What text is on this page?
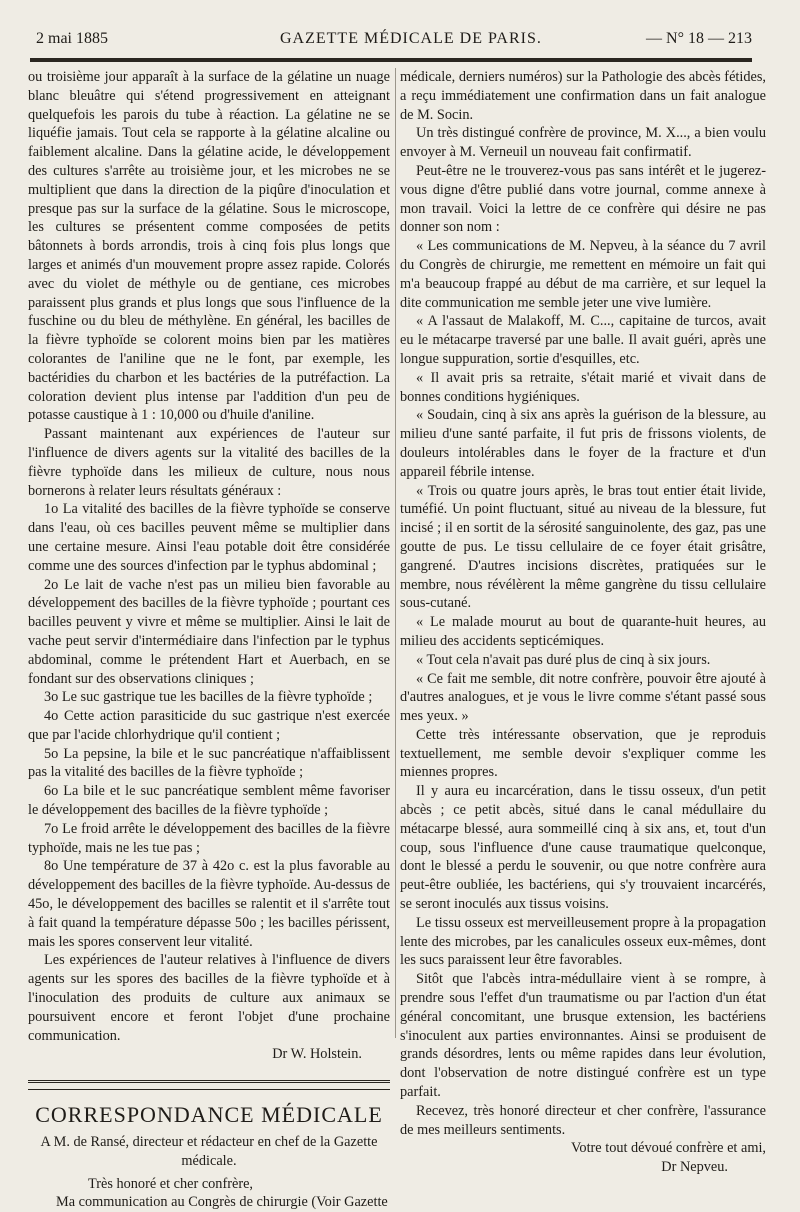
2 mai 1885	GAZETTE MÉDICALE DE PARIS.	— N° 18 — 213

ou troisième jour apparaît à la surface de la gélatine un nuage blanc bleuâtre qui s'étend progressivement en atteignant quelquefois les parois du tube à réaction. La gélatine ne se liquéfie jamais. Tout cela se rapporte à la gélatine alcaline ou faiblement alcaline. Dans la gélatine acide, le développement des cultures s'arrête au troisième jour, et les microbes ne se multiplient que dans la direction de la piqûre d'inoculation et presque pas sur la surface de la gélatine. Sous le microscope, les cultures se présentent comme composées de petits bâtonnets à bords arrondis, trois à cinq fois plus longs que larges et animés d'un mouvement propre assez rapide. Colorés avec du violet de méthyle ou de gentiane, ces microbes paraissent plus grands et plus longs que sous l'influence de la fuschine ou du bleu de méthylène. En général, les bacilles de la fièvre typhoïde se colorent moins bien par les matières colorantes de l'aniline que ne le font, par exemple, les bactéridies du charbon et les bactéries de la putréfaction. La coloration devient plus intense par l'addition d'un peu de potasse caustique à 1 : 10,000 ou d'huile d'aniline.

Passant maintenant aux expériences de l'auteur sur l'influence de divers agents sur la vitalité des bacilles de la fièvre typhoïde dans les milieux de culture, nous nous bornerons à relater leurs résultats généraux :

1o La vitalité des bacilles de la fièvre typhoïde se conserve dans l'eau, où ces bacilles peuvent même se multiplier dans une certaine mesure. Ainsi l'eau potable doit être considérée comme une des sources d'infection par le typhus abdominal ;

2o Le lait de vache n'est pas un milieu bien favorable au développement des bacilles de la fièvre typhoïde ; pourtant ces bacilles peuvent y vivre et même se multiplier. Ainsi le lait de vache peut servir d'intermédiaire dans l'infection par le typhus abdominal, comme le prétendent Hart et Auerbach, en se fondant sur des observations cliniques ;

3o Le suc gastrique tue les bacilles de la fièvre typhoïde ;

4o Cette action parasiticide du suc gastrique n'est exercée que par l'acide chlorhydrique qu'il contient ;

5o La pepsine, la bile et le suc pancréatique n'affaiblissent pas la vitalité des bacilles de la fièvre typhoïde ;

6o La bile et le suc pancréatique semblent même favoriser le développement des bacilles de la fièvre typhoïde ;

7o Le froid arrête le développement des bacilles de la fièvre typhoïde, mais ne les tue pas ;

8o Une température de 37 à 42o c. est la plus favorable au développement des bacilles de la fièvre typhoïde. Au-dessus de 45o, le développement des bacilles se ralentit et il s'arrête tout à fait quand la température dépasse 50o ; les bacilles périssent, mais les spores conservent leur vitalité.

Les expériences de l'auteur relatives à l'influence de divers agents sur les spores des bacilles de la fièvre typhoïde et à l'inoculation des produits de culture aux animaux se poursuivent encore et feront l'objet d'une prochaine communication.

Dr W. Holstein.

CORRESPONDANCE MÉDICALE

A M. de Ransé, directeur et rédacteur en chef de la Gazette médicale.

Très honoré et cher confrère,

Ma communication au Congrès de chirurgie (Voir Gazette

médicale, derniers numéros) sur la Pathologie des abcès fétides, a reçu immédiatement une confirmation dans un fait analogue de M. Socin.

Un très distingué confrère de province, M. X..., a bien voulu envoyer à M. Verneuil un nouveau fait confirmatif.

Peut-être ne le trouverez-vous pas sans intérêt et le jugerez-vous digne d'être publié dans votre journal, comme annexe à mon travail. Voici la lettre de ce confrère qui désire ne pas donner son nom :

« Les communications de M. Nepveu, à la séance du 7 avril du Congrès de chirurgie, me remettent en mémoire un fait qui m'a beaucoup frappé au début de ma carrière, et sur lequel la dite communication me semble jeter une vive lumière.

« A l'assaut de Malakoff, M. C..., capitaine de turcos, avait eu le métacarpe traversé par une balle. Il avait guéri, après une longue suppuration, sortie d'esquilles, etc.

« Il avait pris sa retraite, s'était marié et vivait dans de bonnes conditions hygiéniques.

« Soudain, cinq à six ans après la guérison de la blessure, au milieu d'une santé parfaite, il fut pris de frissons violents, de douleurs intolérables dans le foyer de la fracture et d'un appareil fébrile intense.

« Trois ou quatre jours après, le bras tout entier était livide, tuméfié. Un point fluctuant, situé au niveau de la blessure, fut incisé ; il en sortit de la sérosité sanguinolente, des gaz, pas une goutte de pus. Le tissu cellulaire de ce foyer était grisâtre, gangrené. D'autres incisions discrètes, pratiquées sur le membre, nous révélèrent la même gangrène du tissu cellulaire sous-cutané.

« Le malade mourut au bout de quarante-huit heures, au milieu des accidents septicémiques.

« Tout cela n'avait pas duré plus de cinq à six jours.

« Ce fait me semble, dit notre confrère, pouvoir être ajouté à d'autres analogues, et je vous le livre comme s'étant passé sous mes yeux. »

Cette très intéressante observation, que je reproduis textuellement, me semble devoir s'expliquer comme les miennes propres.

Il y aura eu incarcération, dans le tissu osseux, d'un petit abcès ; ce petit abcès, situé dans le canal médullaire du métacarpe blessé, aura sommeillé cinq à six ans, et, tout d'un coup, sous l'influence d'une cause traumatique quelconque, dont le blessé a perdu le souvenir, ou que notre confrère aura peut-être oubliée, les bactériens, qui s'y trouvaient incarcérés, se seront inoculés aux tissus voisins.

Le tissu osseux est merveilleusement propre à la propagation lente des microbes, par les canalicules osseux eux-mêmes, dont les sucs paraissent leur être favorables.

Sitôt que l'abcès intra-médullaire vient à se rompre, à prendre sous l'effet d'un traumatisme ou par l'action d'un état général concomitant, une brusque extension, les bactériens s'inoculent aux parties environnantes. Ainsi se produisent de grands désordres, lents ou même rapides dans leur évolution, dont l'observation de notre distingué confrère est un type parfait.

Recevez, très honoré directeur et cher confrère, l'assurance de mes meilleurs sentiments.

Votre tout dévoué confrère et ami,

Dr Nepveu.
